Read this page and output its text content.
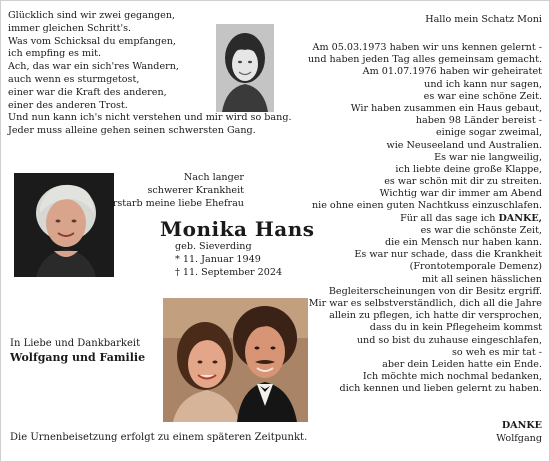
Glücklich sind wir zwei gegangen,
immer gleichen Schritt's.
Was vom Schicksal du empfangen,
ich empfing es mit.
Ach, das war ein sich'res Wandern,
auch wenn es sturmgetost,
einer war die Kraft des anderen,
einer des anderen Trost.
Und nun kann ich's nicht verstehen und mir wird so bang.
Jeder muss alleine gehen seinen schwersten Gang.
Nach langer
schwerer Krankheit
verstarb meine liebe Ehefrau
Monika Hans
geb. Sieverding
* 11. Januar 1949
† 11. September 2024
In Liebe und Dankbarkeit
Wolfgang und Familie
Die Urnenbeisetzung erfolgt zu einem späteren Zeitpunkt.
Hallo mein Schatz Moni
Am 05.03.1973 haben wir uns kennen gelernt -
und haben jeden Tag alles gemeinsam gemacht.
Am 01.07.1976 haben wir geheiratet
und ich kann nur sagen,
es war eine schöne Zeit.
Wir haben zusammen ein Haus gebaut,
haben 98 Länder bereist -
einige sogar zweimal,
wie Neuseeland und Australien.
Es war nie langweilig,
ich liebte deine große Klappe,
es war schön mit dir zu streiten.
Wichtig war dir immer am Abend
nie ohne einen guten Nachtkuss einzuschlafen.
Für all das sage ich DANKE,
es war die schönste Zeit,
die ein Mensch nur haben kann.
Es war nur schade, dass die Krankheit
(Frontotemporale Demenz)
mit all seinen hässlichen
Begleiterscheinungen von dir Besitz ergriff.
Mir war es selbstverständlich, dich all die Jahre
allein zu pflegen, ich hatte dir versprochen,
dass du in kein Pflegeheim kommst
und so bist du zuhause eingeschlafen,
so weh es mir tat -
aber dein Leiden hatte ein Ende.
Ich möchte mich nochmal bedanken,
dich kennen und lieben gelernt zu haben.
DANKE
Wolfgang
